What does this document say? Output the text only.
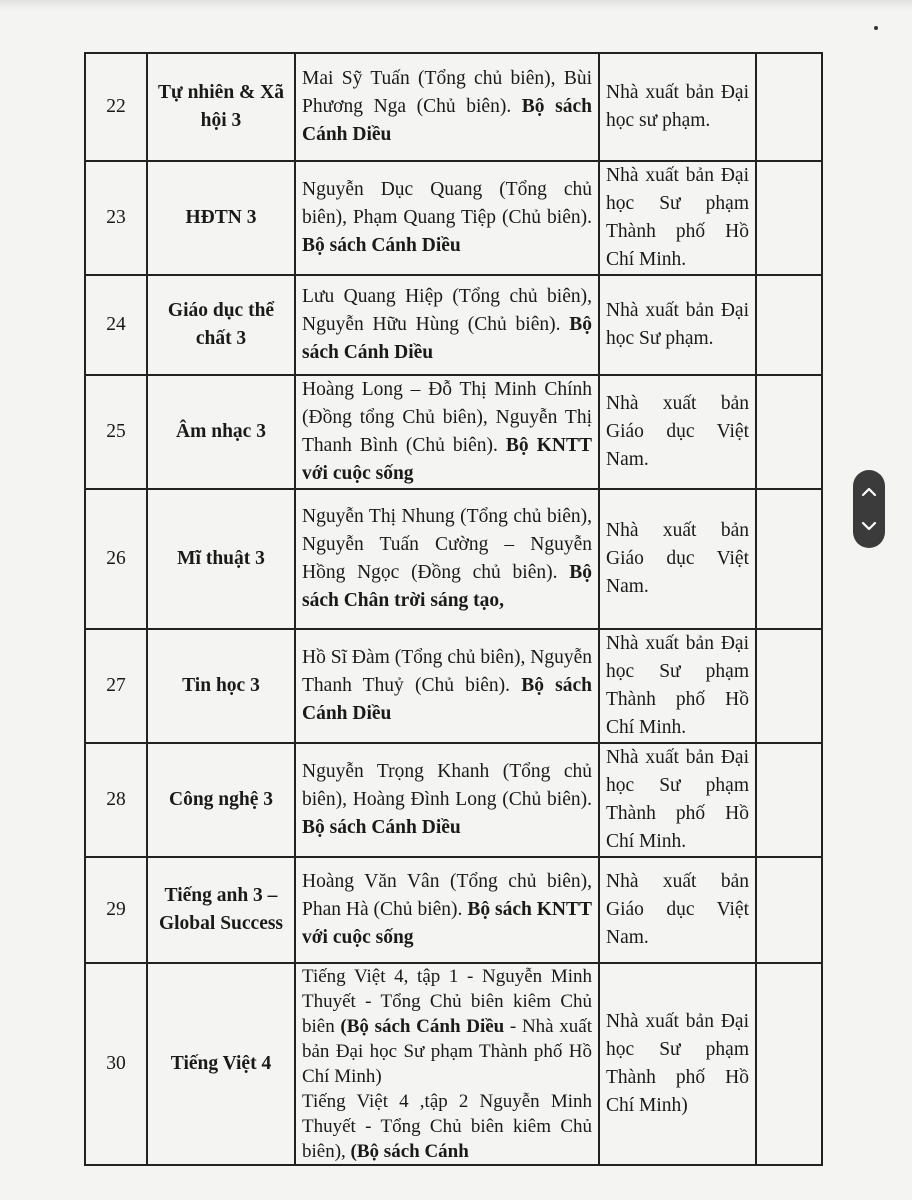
22	Tự nhiên & Xã hội 3	Mai Sỹ Tuấn (Tổng chủ biên), Bùi Phương Nga (Chủ biên). Bộ sách Cánh Diều	Nhà xuất bản Đại học sư phạm.	
23	HĐTN 3	Nguyễn Dục Quang (Tổng chủ biên), Phạm Quang Tiệp (Chủ biên). Bộ sách Cánh Diều	Nhà xuất bản Đại học Sư phạm Thành phố Hồ Chí Minh.	
24	Giáo dục thể chất 3	Lưu Quang Hiệp (Tổng chủ biên), Nguyễn Hữu Hùng (Chủ biên). Bộ sách Cánh Diều	Nhà xuất bản Đại học Sư phạm.	
25	Âm nhạc 3	Hoàng Long – Đỗ Thị Minh Chính (Đồng tổng Chủ biên), Nguyễn Thị Thanh Bình (Chủ biên). Bộ KNTT với cuộc sống	Nhà xuất bản Giáo dục Việt Nam.	
26	Mĩ thuật 3	Nguyễn Thị Nhung (Tổng chủ biên), Nguyễn Tuấn Cường – Nguyễn Hồng Ngọc (Đồng chủ biên). Bộ sách Chân trời sáng tạo,	Nhà xuất bản Giáo dục Việt Nam.	
27	Tin học 3	Hồ Sĩ Đàm (Tổng chủ biên), Nguyễn Thanh Thuỷ (Chủ biên). Bộ sách Cánh Diều	Nhà xuất bản Đại học Sư phạm Thành phố Hồ Chí Minh.	
28	Công nghệ 3	Nguyễn Trọng Khanh (Tổng chủ biên), Hoàng Đình Long (Chủ biên). Bộ sách Cánh Diều	Nhà xuất bản Đại học Sư phạm Thành phố Hồ Chí Minh.	
29	Tiếng anh 3 – Global Success	Hoàng Văn Vân (Tổng chủ biên), Phan Hà (Chủ biên). Bộ sách KNTT với cuộc sống	Nhà xuất bản Giáo dục Việt Nam.	
30	Tiếng Việt 4	Tiếng Việt 4, tập 1 - Nguyễn Minh Thuyết - Tổng Chủ biên kiêm Chủ biên (Bộ sách Cánh Diều - Nhà xuất bản Đại học Sư phạm Thành phố Hồ Chí Minh)
Tiếng Việt 4 ,tập 2 Nguyễn Minh Thuyết - Tổng Chủ biên kiêm Chủ biên), (Bộ sách Cánh	Nhà xuất bản Đại học Sư phạm Thành phố Hồ Chí Minh)	
